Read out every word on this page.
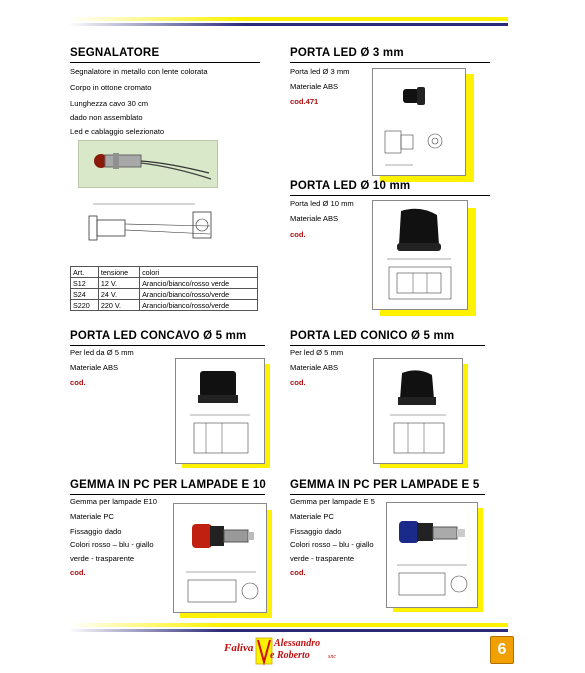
SEGNALATORE
Segnalatore in metallo con lente colorata
Corpo in ottone cromato
Lunghezza cavo 30 cm
dado non assemblato
Led e cablaggio selezionato
Art.	tensione	colori
S12	12 V.	Arancio/bianco/rosso verde
S24	24 V.	Arancio/bianco/rosso/verde
S220	220 V.	Arancio/bianco/rosso/verde
PORTA LED Ø 3 mm
Porta led Ø 3 mm
Materiale ABS
cod.471
PORTA LED Ø 10 mm
Porta led Ø 10 mm
Materiale ABS
cod.
PORTA LED CONCAVO Ø 5 mm
Per led da Ø 5 mm
Materiale ABS
cod.
PORTA LED CONICO Ø 5 mm
Per led Ø 5 mm
Materiale ABS
cod.
GEMMA IN PC PER LAMPADE E 10
Gemma per lampade E10
Materiale PC
Fissaggio dado
Colori rosso – blu - giallo
verde - trasparente
cod.
GEMMA IN PC PER LAMPADE E 5
Gemma per lampade E 5
Materiale PC
Fissaggio dado
Colori rosso – blu - giallo
verde - trasparente
cod.
Faliva Alessandro
e Roberto	snc	6
